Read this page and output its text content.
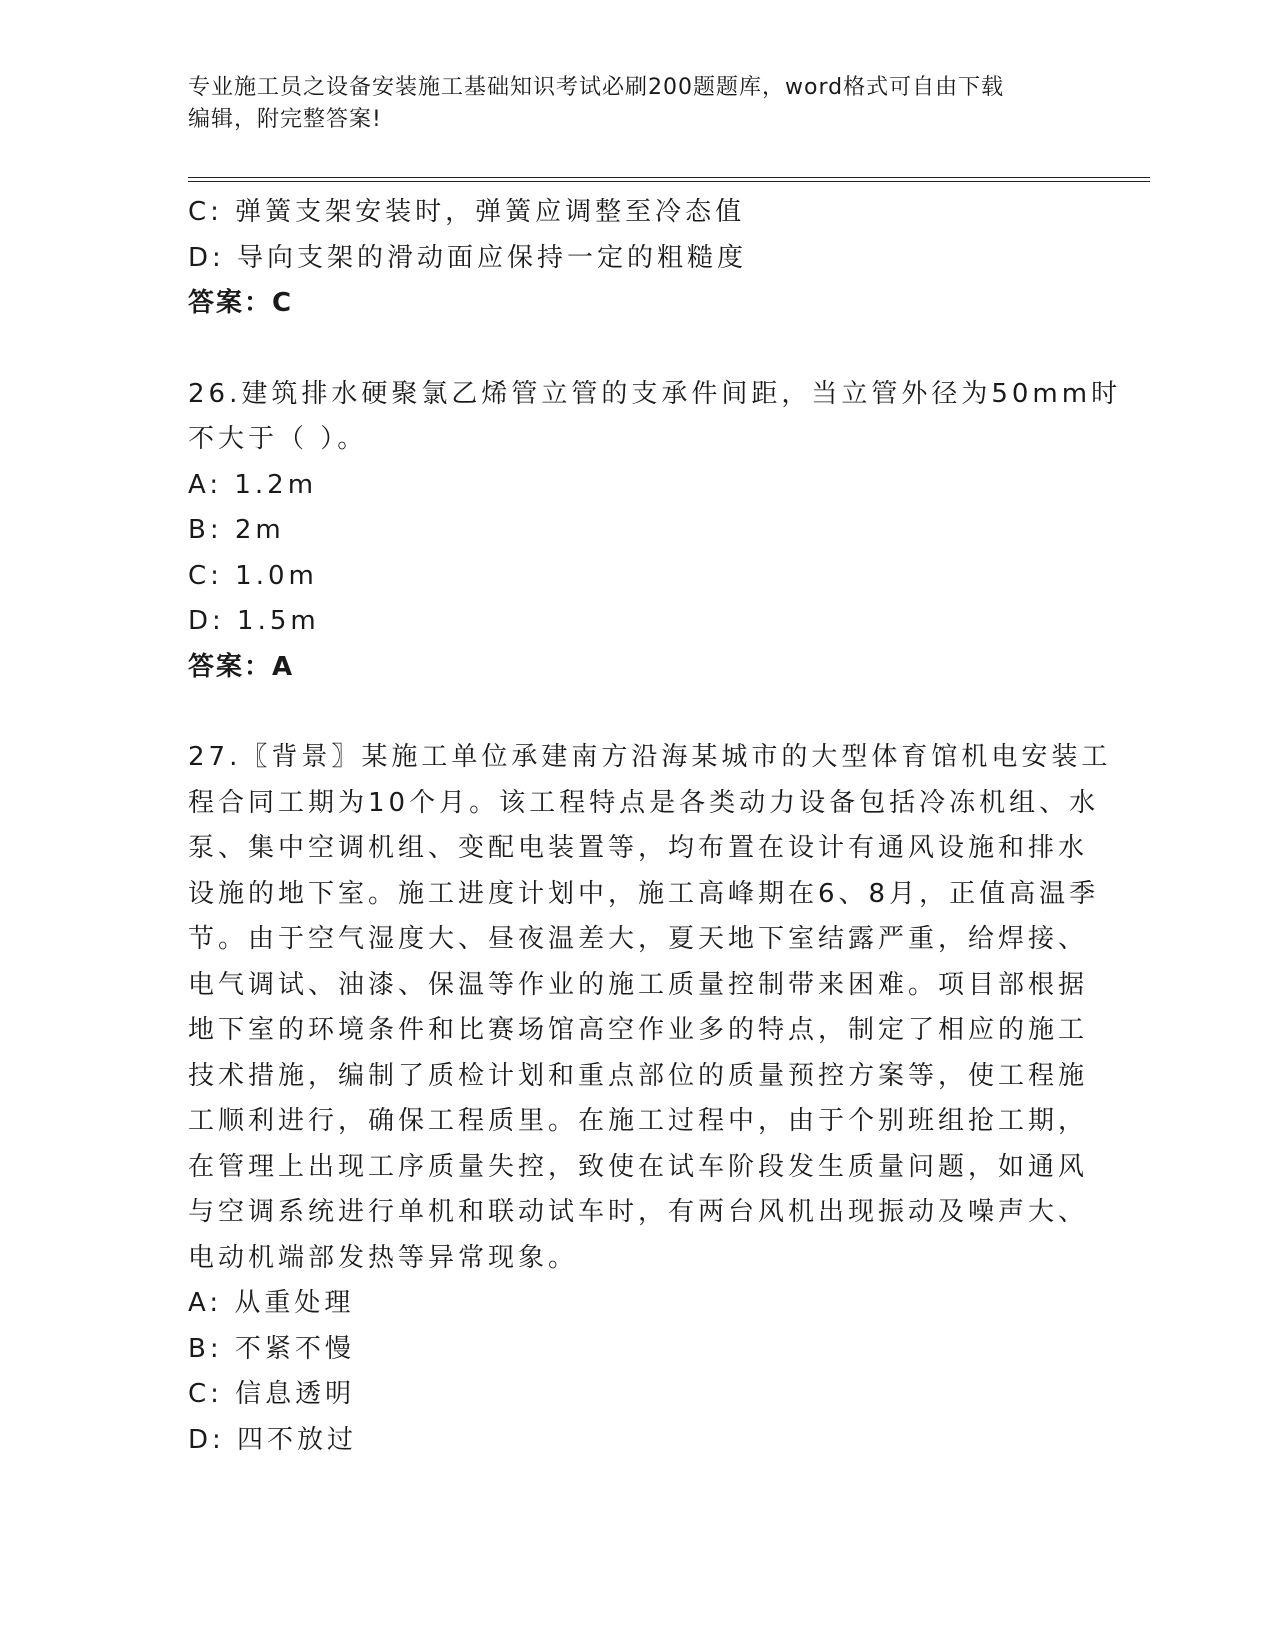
专业施工员之设备安装施工基础知识考试必刷200题题库，word格式可自由下载
编辑，附完整答案!
C: 弹簧支架安装时，弹簧应调整至冷态值
D: 导向支架的滑动面应保持一定的粗糙度
答案：C
26.建筑排水硬聚氯乙烯管立管的支承件间距，当立管外径为50mm时
不大于（ ）。
A: 1.2m
B: 2m
C: 1.0m
D: 1.5m
答案：A
27.〖背景〗某施工单位承建南方沿海某城市的大型体育馆机电安装工
程合同工期为10个月。该工程特点是各类动力设备包括冷冻机组、水
泵、集中空调机组、变配电装置等，均布置在设计有通风设施和排水
设施的地下室。施工进度计划中，施工高峰期在6、8月，正值高温季
节。由于空气湿度大、昼夜温差大，夏天地下室结露严重，给焊接、
电气调试、油漆、保温等作业的施工质量控制带来困难。项目部根据
地下室的环境条件和比赛场馆高空作业多的特点，制定了相应的施工
技术措施，编制了质检计划和重点部位的质量预控方案等，使工程施
工顺利进行，确保工程质里。在施工过程中，由于个别班组抢工期，
在管理上出现工序质量失控，致使在试车阶段发生质量问题，如通风
与空调系统进行单机和联动试车时，有两台风机出现振动及噪声大、
电动机端部发热等异常现象。
A: 从重处理
B: 不紧不慢
C: 信息透明
D: 四不放过
